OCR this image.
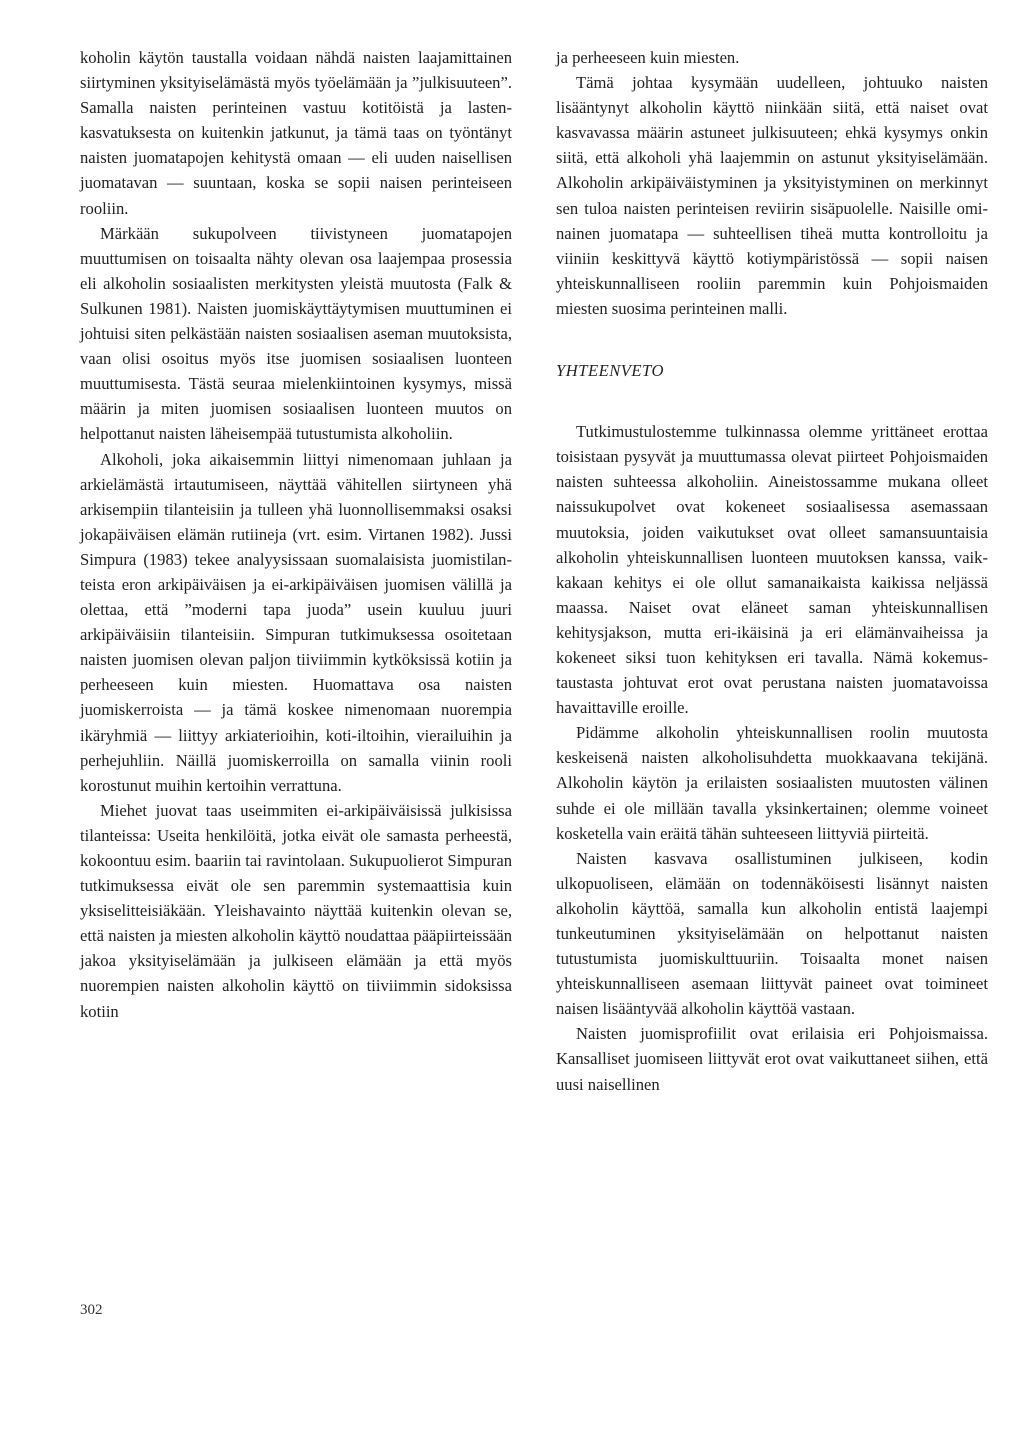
koholin käytön taustalla voidaan nähdä naisten laajamittainen siirtyminen yksityiselämästä myös työelämään ja ”julkisuuteen”. Samalla naisten perinteinen vastuu kotitöistä ja lastenkasvatuksesta on kuitenkin jatkunut, ja tämä taas on työntänyt naisten juomatapojen kehitystä omaan — eli uuden naisellisen juomatavan — suuntaan, koska se sopii naisen perinteiseen rooliin.

Märkään sukupolveen tiivistyneen juomatapojen muuttumisen on toisaalta nähty olevan osa laajempaa prosessia eli alkoholin sosiaalisten merkitysten yleistä muutosta (Falk & Sulkunen 1981). Naisten juomiskäyttäytymisen muuttuminen ei johtuisi siten pelkästään naisten sosiaalisen aseman muutoksista, vaan olisi osoitus myös itse juomisen sosiaalisen luonteen muuttumisesta. Tästä seuraa mielenkiintoinen kysymys, missä määrin ja miten juomisen sosiaalisen luonteen muutos on helpottanut naisten läheisempää tutustumista alkoholiin.

Alkoholi, joka aikaisemmin liittyi nimenomaan juhlaan ja arkielämästä irtautumiseen, näyttää vähitellen siirtyneen yhä arkisempiin tilanteisiin ja tulleen yhä luonnollisemmaksi osaksi jokapäiväisen elämän rutiineja (vrt. esim. Virtanen 1982). Jussi Simpura (1983) tekee analyysissaan suomalaisista juomistilanteista eron arkipäiväisen ja ei-arkipäiväisen juomisen välillä ja olettaa, että ”moderni tapa juoda” usein kuuluu juuri arkipäiväisiin tilanteisiin. Simpuran tutkimuksessa osoitetaan naisten juomisen olevan paljon tiiviimmin kytköksissä kotiin ja perheeseen kuin miesten. Huomattava osa naisten juomiskerroista — ja tämä koskee nimenomaan nuorempia ikäryhmiä — liittyy arkiaterioihin, koti-iltoihin, vierailuihin ja perhejuhliin. Näillä juomiskerroilla on samalla viinin rooli korostunut muihin kertoihin verrattuna.

Miehet juovat taas useimmiten ei-arkipäiväisissä julkisissa tilanteissa: Useita henkilöitä, jotka eivät ole samasta perheestä, kokoontuu esim. baariin tai ravintolaan. Sukupuolierot Simpuran tutkimuksessa eivät ole sen paremmin systemaattisia kuin yksiselitteisiäkään. Yleishavainto näyttää kuitenkin olevan se, että naisten ja miesten alkoholin käyttö noudattaa pääpiirteissään jakoa yksityiselämään ja julkiseen elämään ja että myös nuorempien naisten alkoholin käyttö on tiiviimmin sidoksissa kotiin

ja perheeseen kuin miesten.

Tämä johtaa kysymään uudelleen, johtuuko naisten lisääntynyt alkoholin käyttö niinkään siitä, että naiset ovat kasvavassa määrin astuneet julkisuuteen; ehkä kysymys onkin siitä, että alkoholi yhä laajemmin on astunut yksityiselämään. Alkoholin arkipäiväistyminen ja yksityistyminen on merkinnyt sen tuloa naisten perinteisen reviirin sisäpuolelle. Naisille ominainen juomatapa — suhteellisen tiheä mutta kontrolloitu ja viiniin keskittyvä käyttö kotiympäristössä — sopii naisen yhteiskunnalliseen rooliin paremmin kuin Pohjoismaiden miesten suosima perinteinen malli.

YHTEENVETO

Tutkimustulostemme tulkinnassa olemme yrittäneet erottaa toisistaan pysyvät ja muuttumassa olevat piirteet Pohjoismaiden naisten suhteessa alkoholiin. Aineistossamme mukana olleet naissukupolvet ovat kokeneet sosiaalisessa asemassaan muutoksia, joiden vaikutukset ovat olleet samansuuntaisia alkoholin yhteiskunnallisen luonteen muutoksen kanssa, vaikkakaan kehitys ei ole ollut samanaikaista kaikissa neljässä maassa. Naiset ovat eläneet saman yhteiskunnallisen kehitysjakson, mutta eri-ikäisinä ja eri elämänvaiheissa ja kokeneet siksi tuon kehityksen eri tavalla. Nämä kokemustaustasta johtuvat erot ovat perustana naisten juomatavoissa havaittaville eroille.

Pidämme alkoholin yhteiskunnallisen roolin muutosta keskeisenä naisten alkoholisuhdetta muokkaavana tekijänä. Alkoholin käytön ja erilaisten sosiaalisten muutosten välinen suhde ei ole millään tavalla yksinkertainen; olemme voineet kosketella vain eräitä tähän suhteeseen liittyviä piirteitä.

Naisten kasvava osallistuminen julkiseen, kodin ulkopuoliseen, elämään on todennäköisesti lisännyt naisten alkoholin käyttöä, samalla kun alkoholin entistä laajempi tunkeutuminen yksityiselämään on helpottanut naisten tutustumista juomiskulttuuriin. Toisaalta monet naisen yhteiskunnalliseen asemaan liittyvät paineet ovat toimineet naisen lisääntyvää alkoholin käyttöä vastaan.

Naisten juomisprofiilit ovat erilaisia eri Pohjoismaissa. Kansalliset juomiseen liittyvät erot ovat vaikuttaneet siihen, että uusi naisellinen

302
